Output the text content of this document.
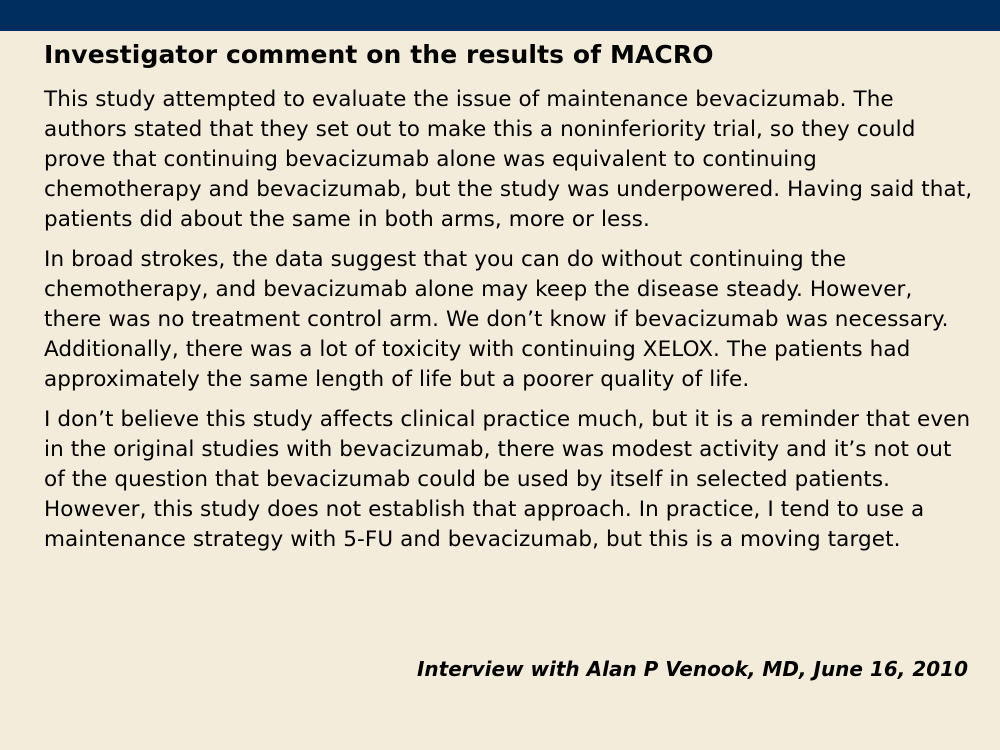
Investigator comment on the results of MACRO

This study attempted to evaluate the issue of maintenance bevacizumab. The authors stated that they set out to make this a noninferiority trial, so they could prove that continuing bevacizumab alone was equivalent to continuing chemotherapy and bevacizumab, but the study was underpowered. Having said that, patients did about the same in both arms, more or less.

In broad strokes, the data suggest that you can do without continuing the chemotherapy, and bevacizumab alone may keep the disease steady. However, there was no treatment control arm. We don’t know if bevacizumab was necessary. Additionally, there was a lot of toxicity with continuing XELOX. The patients had approximately the same length of life but a poorer quality of life.

I don’t believe this study affects clinical practice much, but it is a reminder that even in the original studies with bevacizumab, there was modest activity and it’s not out of the question that bevacizumab could be used by itself in selected patients. However, this study does not establish that approach. In practice, I tend to use a maintenance strategy with 5-FU and bevacizumab, but this is a moving target.

Interview with Alan P Venook, MD, June 16, 2010
